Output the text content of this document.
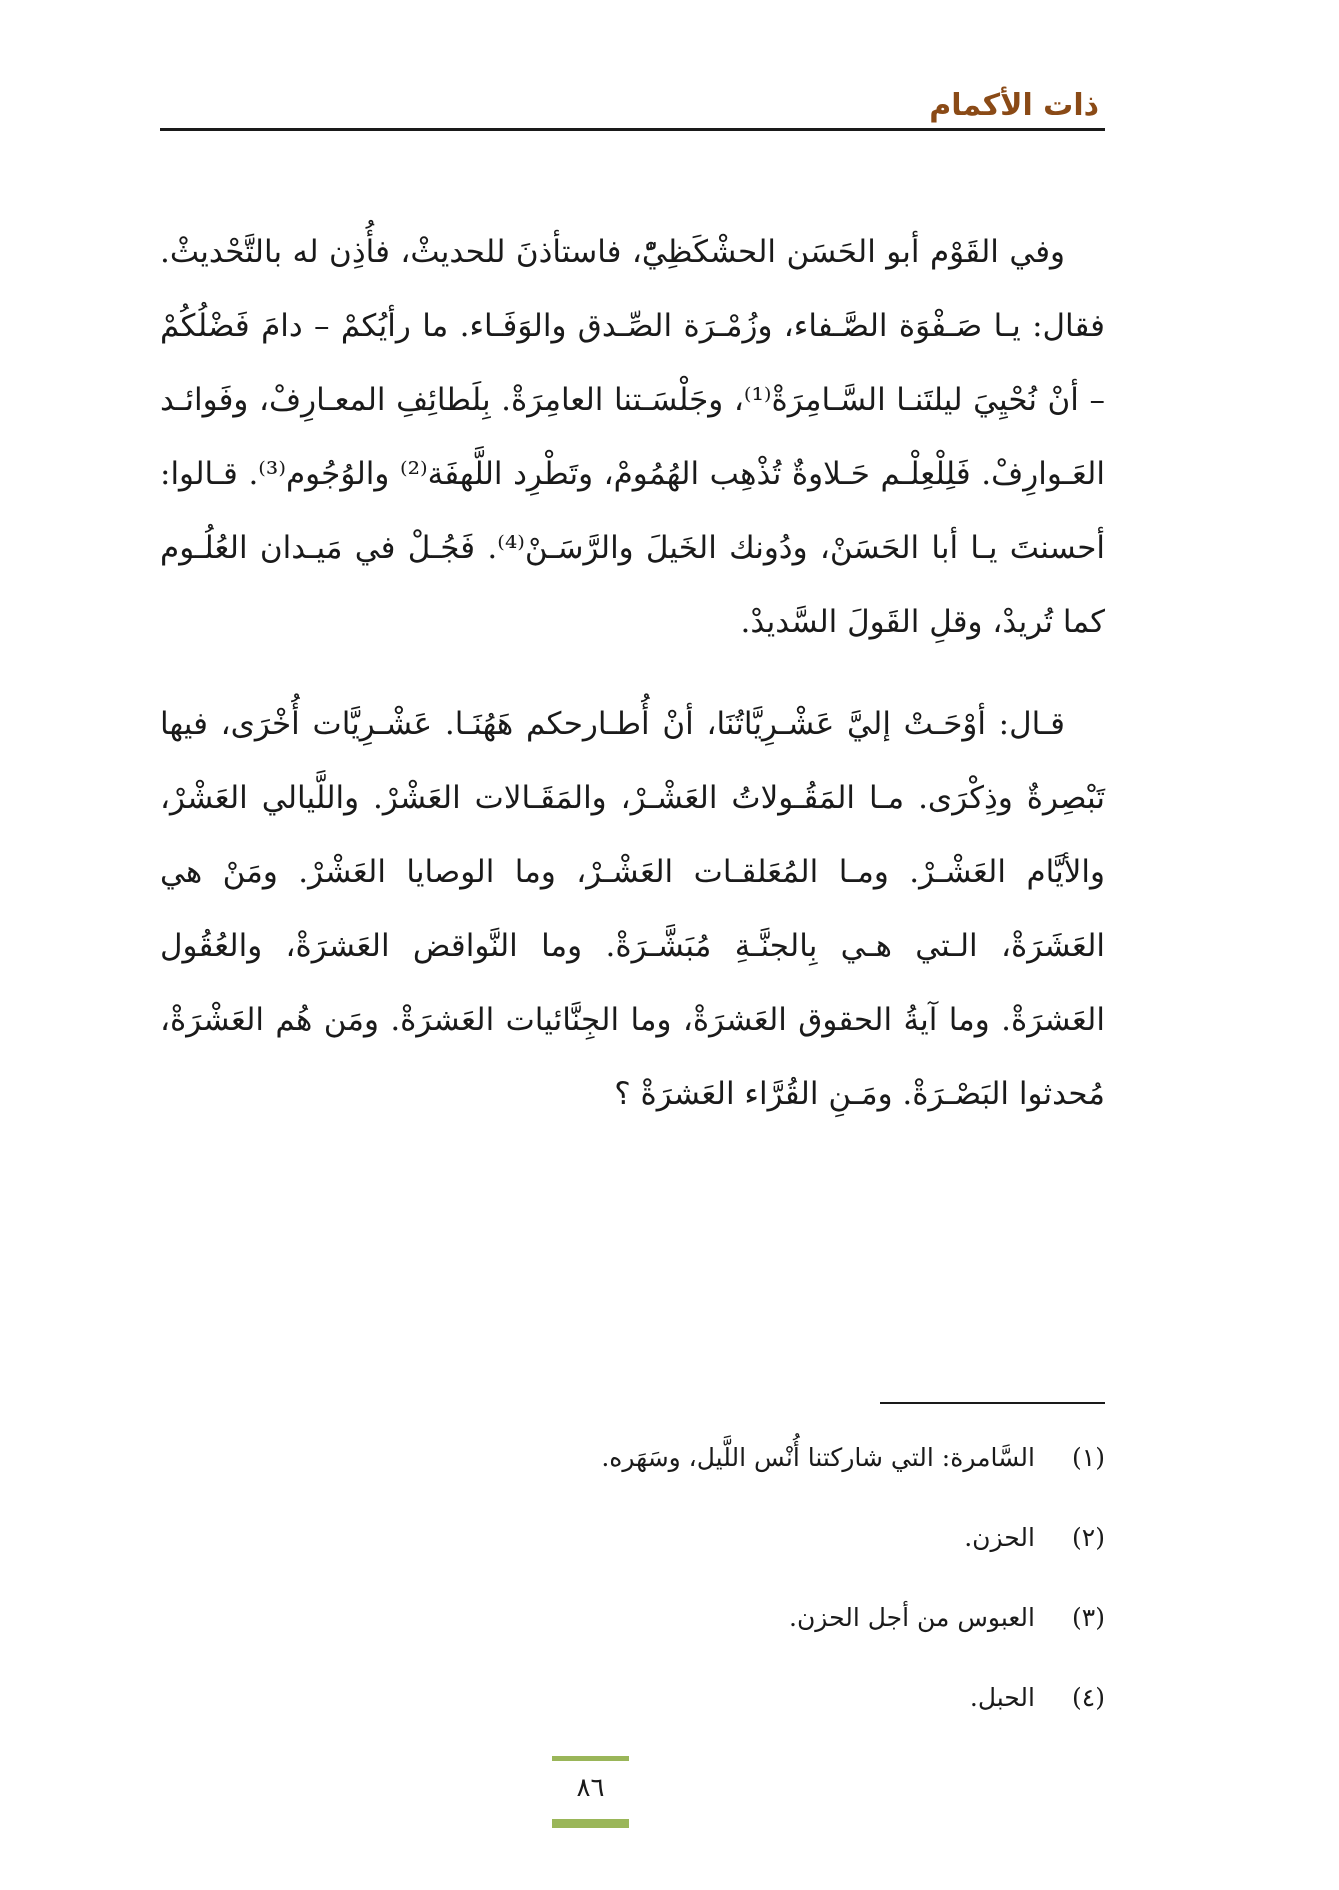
ذات الأكمام

وفي القَوْم أبو الحَسَن الحشْكَظِيّْ، فاستأذنَ للحديثْ، فأُذِن له بالتَّحْديثْ. فقال: يـا صَـفْوَة الصَّـفاء، وزُمْـرَة الصِّـدق والوَفَـاء. ما رأيُكمْ – دامَ فَضْلُكُمْ – أنْ نُحْيِيَ ليلتَنـا السَّـامِرَةْ⁽¹⁾، وجَلْسَـتنا العامِرَةْ. بِلَطائِفِ المعـارِفْ، وفَوائـد العَـوارِفْ. فَلِلْعِلْـم حَـلاوةٌ تُذْهِب الهُمُومْ، وتَطْرِد اللَّهفَة⁽²⁾ والوُجُوم⁽³⁾. قـالوا: أحسنتَ يـا أبا الحَسَنْ، ودُونك الخَيلَ والرَّسَـنْ⁽⁴⁾. فَجُـلْ في مَيـدان العُلُـوم كما تُريدْ، وقلِ القَولَ السَّديدْ.

قـال: أوْحَـتْ إليَّ عَشْـرِيَّاتُنَا، أنْ أُطـارحكم هَهُنَـا. عَشْـرِيَّات أُخْرَى، فيها تَبْصِرةٌ وذِكْرَى. مـا المَقُـولاتُ العَشْـرْ، والمَقَـالات العَشْرْ. واللَّيالي العَشْرْ، والأيَّام العَشْـرْ. ومـا المُعَلقـات العَشْـرْ، وما الوصايا العَشْرْ. ومَنْ هي العَشَرَةْ، الـتي هـي بِالجنَّـةِ مُبَشَّـرَةْ. وما النَّواقض العَشرَةْ، والعُقُول العَشرَةْ. وما آيةُ الحقوق العَشرَةْ، وما الجِنَّائيات العَشرَةْ. ومَن هُم العَشْرَةْ، مُحدثوا البَصْـرَةْ. ومَـنِ القُرَّاء العَشرَةْ ؟

(١)
السَّامرة: التي شاركتنا أُنْس اللَّيل، وسَهَره.
(٢)
الحزن.
(٣)
العبوس من أجل الحزن.
(٤)
الحبل.
٨٦
